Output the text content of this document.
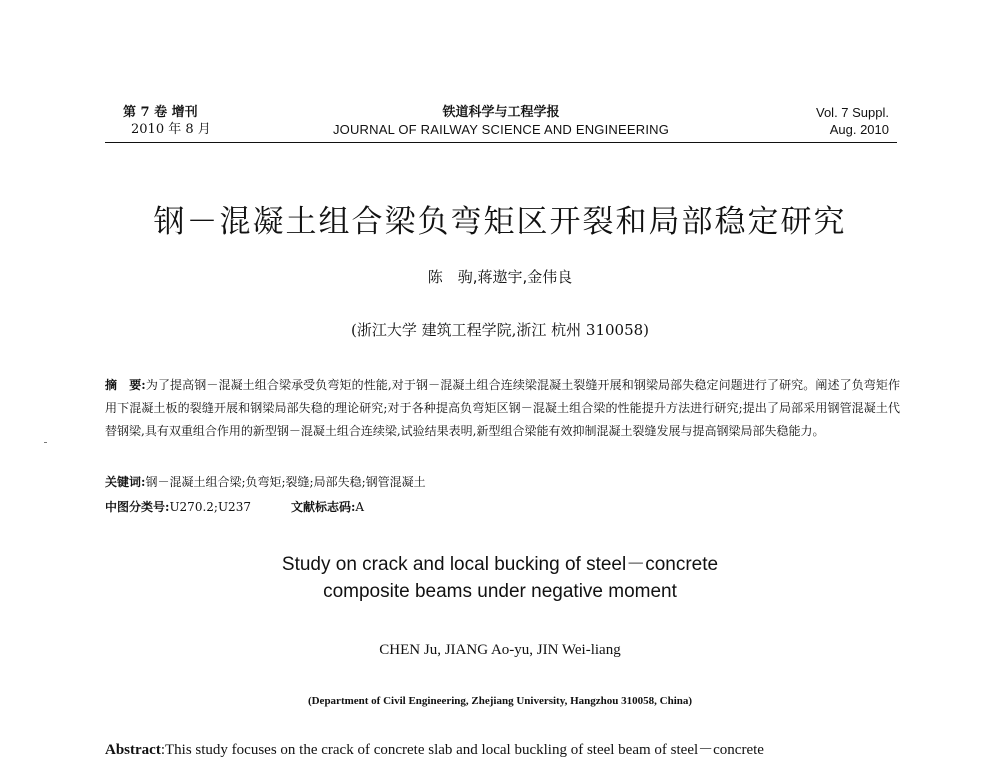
第 7 卷 增刊
2010 年 8 月
铁道科学与工程学报
JOURNAL OF RAILWAY SCIENCE AND ENGINEERING
Vol. 7 Suppl.
Aug. 2010
钢－混凝土组合梁负弯矩区开裂和局部稳定研究
陈　驹,蒋遨宇,金伟良
(浙江大学 建筑工程学院,浙江 杭州 310058)
摘　要:为了提高钢－混凝土组合梁承受负弯矩的性能,对于钢－混凝土组合连续梁混凝土裂缝开展和钢梁局部失稳定问题进行了研究。阐述了负弯矩作用下混凝土板的裂缝开展和钢梁局部失稳的理论研究;对于各种提高负弯矩区钢－混凝土组合梁的性能提升方法进行研究;提出了局部采用钢管混凝土代替钢梁,具有双重组合作用的新型钢－混凝土组合连续梁,试验结果表明,新型组合梁能有效抑制混凝土裂缝发展与提高钢梁局部失稳能力。
关键词:钢－混凝土组合梁;负弯矩;裂缝;局部失稳;钢管混凝土
中图分类号:U270.2;U237	文献标志码:A
Study on crack and local bucking of steel－concrete
composite beams under negative moment
CHEN Ju, JIANG Ao-yu, JIN Wei-liang
(Department of Civil Engineering, Zhejiang University, Hangzhou 310058, China)
Abstract:This study focuses on the crack of concrete slab and local buckling of steel beam of steel－concrete
